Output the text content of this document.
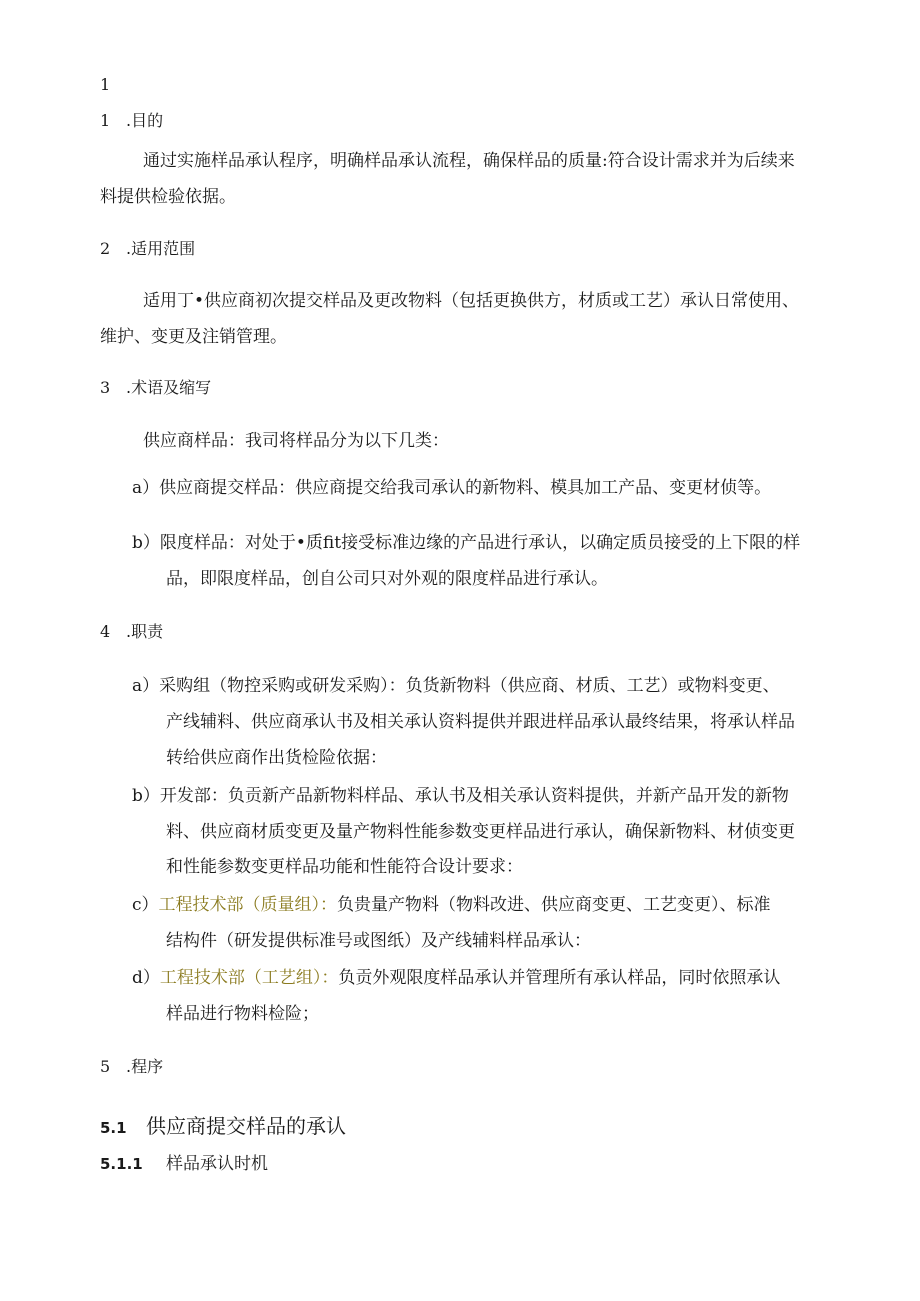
1
1 .目的
通过实施样品承认程序，明确样品承认流程，确保样品的质量:符合设计需求并为后续来
料提供检验依据。
2 .适用范围
适用丁•供应商初次提交样品及更改物料（包括更换供方，材质或工艺）承认日常使用、
维护、变更及注销管理。
3 .术语及缩写
供应商样品：我司将样品分为以下几类：
a）供应商提交样品：供应商提交给我司承认的新物料、模具加工产品、变更材侦等。
b）限度样品：对处于•质fit接受标准边缘的产品进行承认，以确定质员接受的上下限的样
品，即限度样品，创自公司只对外观的限度样品进行承认。
4 .职责
a）采购组（物控采购或研发采购）：负货新物料（供应商、材质、工艺）或物料变更、
产线辅料、供应商承认书及相关承认资料提供并跟进样品承认最终结果，将承认样品
转给供应商作出货检险依据：
b）开发部：负贡新产品新物料样品、承认书及相关承认资料提供，并新产品开发的新物
料、供应商材质变更及量产物料性能参数变更样品进行承认，确保新物料、材侦变更
和性能参数变更样品功能和性能符合设计要求：
c）工程技术部（质量组）：负贵量产物料（物料改进、供应商变更、工艺变更）、标准
结构件（研发提供标准号或图纸）及产线辅料样品承认：
d）工程技术部（工艺组）：负贡外观限度样品承认并管理所有承认样品，同时依照承认
样品进行物料检险；
5 .程序
5.1 供应商提交样品的承认
5.1.1 样品承认时机
